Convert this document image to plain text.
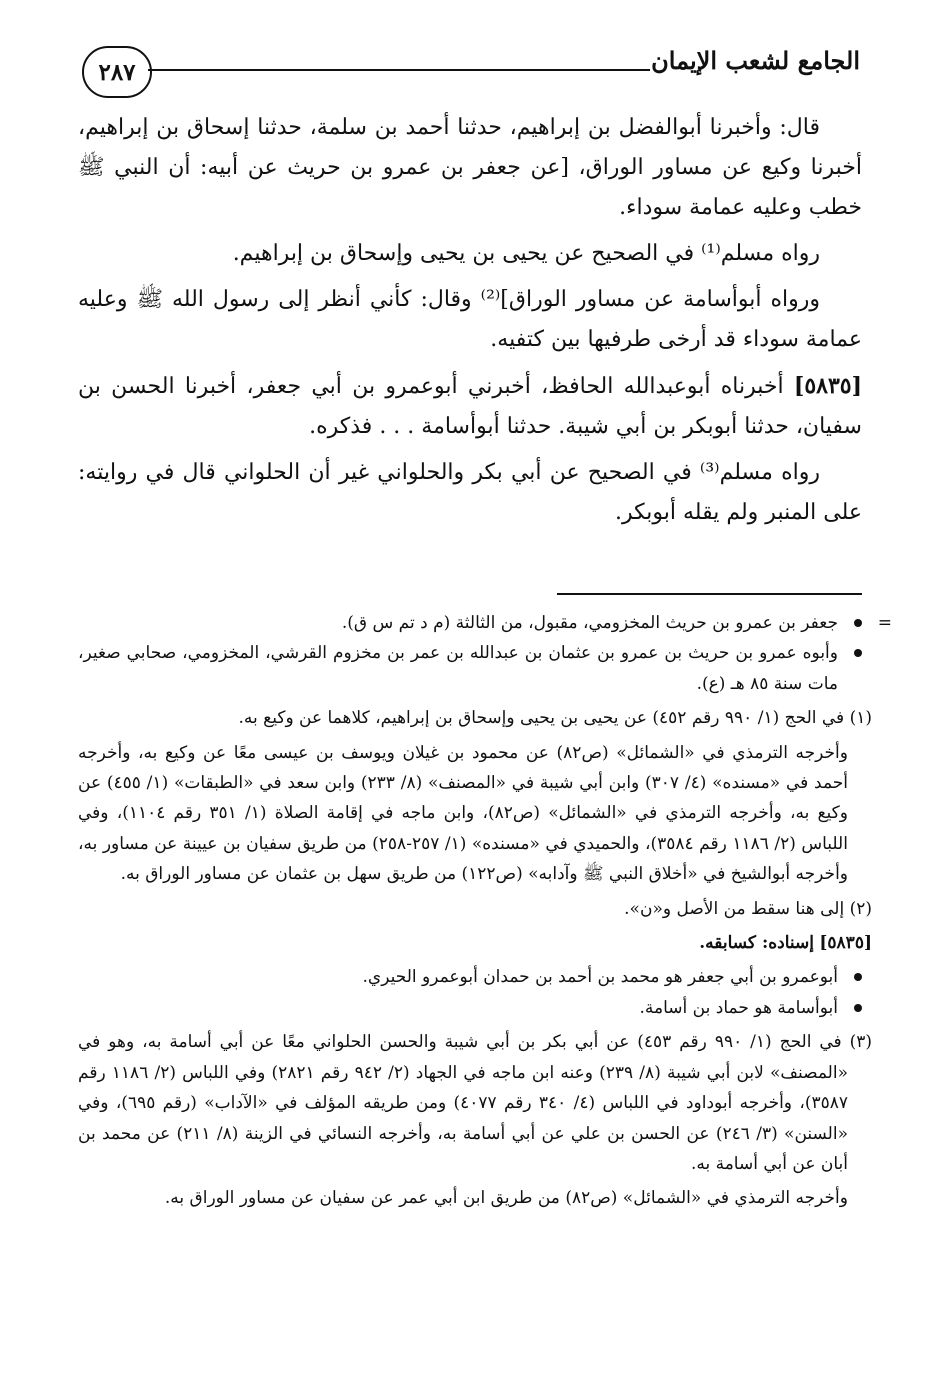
٢٨٧	الجامع لشعب الإيمان

قال: وأخبرنا أبوالفضل بن إبراهيم، حدثنا أحمد بن سلمة، حدثنا إسحاق بن إبراهيم، أخبرنا وكيع عن مساور الوراق، [عن جعفر بن عمرو بن حريث عن أبيه: أن النبي ﷺ خطب وعليه عمامة سوداء.

رواه مسلم⁽¹⁾ في الصحيح عن يحيى بن يحيى وإسحاق بن إبراهيم.

ورواه أبوأسامة عن مساور الوراق]⁽²⁾ وقال: كأني أنظر إلى رسول الله ﷺ وعليه عمامة سوداء قد أرخى طرفيها بين كتفيه.

[٥٨٣٥] أخبرناه أبوعبدالله الحافظ، أخبرني أبوعمرو بن أبي جعفر، أخبرنا الحسن بن سفيان، حدثنا أبوبكر بن أبي شيبة. حدثنا أبوأسامة . . . فذكره.

رواه مسلم⁽³⁾ في الصحيح عن أبي بكر والحلواني غير أن الحلواني قال في روايته: على المنبر ولم يقله أبوبكر.

=
جعفر بن عمرو بن حريث المخزومي، مقبول، من الثالثة (م د تم س ق).
وأبوه عمرو بن حريث بن عمرو بن عثمان بن عبدالله بن عمر بن مخزوم القرشي، المخزومي، صحابي صغير، مات سنة ٨٥ هـ (ع).

(١) في الحج (١/ ٩٩٠ رقم ٤٥٢) عن يحيى بن يحيى وإسحاق بن إبراهيم، كلاهما عن وكيع به.

وأخرجه الترمذي في «الشمائل» (ص٨٢) عن محمود بن غيلان ويوسف بن عيسى معًا عن وكيع به، وأخرجه أحمد في «مسنده» (٤/ ٣٠٧) وابن أبي شيبة في «المصنف» (٨/ ٢٣٣) وابن سعد في «الطبقات» (١/ ٤٥٥) عن وكيع به، وأخرجه الترمذي في «الشمائل» (ص٨٢)، وابن ماجه في إقامة الصلاة (١/ ٣٥١ رقم ١١٠٤)، وفي اللباس (٢/ ١١٨٦ رقم ٣٥٨٤)، والحميدي في «مسنده» (١/ ٢٥٧-٢٥٨) من طريق سفيان بن عيينة عن مساور به، وأخرجه أبوالشيخ في «أخلاق النبي ﷺ وآدابه» (ص١٢٢) من طريق سهل بن عثمان عن مساور الوراق به.

(٢) إلى هنا سقط من الأصل و«ن».

[٥٨٣٥] إسناده: كسابقه.

أبوعمرو بن أبي جعفر هو محمد بن أحمد بن حمدان أبوعمرو الحيري.
أبوأسامة هو حماد بن أسامة.

(٣) في الحج (١/ ٩٩٠ رقم ٤٥٣) عن أبي بكر بن أبي شيبة والحسن الحلواني معًا عن أبي أسامة به، وهو في «المصنف» لابن أبي شيبة (٨/ ٢٣٩) وعنه ابن ماجه في الجهاد (٢/ ٩٤٢ رقم ٢٨٢١) وفي اللباس (٢/ ١١٨٦ رقم ٣٥٨٧)، وأخرجه أبوداود في اللباس (٤/ ٣٤٠ رقم ٤٠٧٧) ومن طريقه المؤلف في «الآداب» (رقم ٦٩٥)، وفي «السنن» (٣/ ٢٤٦) عن الحسن بن علي عن أبي أسامة به، وأخرجه النسائي في الزينة (٨/ ٢١١) عن محمد بن أبان عن أبي أسامة به.

وأخرجه الترمذي في «الشمائل» (ص٨٢) من طريق ابن أبي عمر عن سفيان عن مساور الوراق به.
